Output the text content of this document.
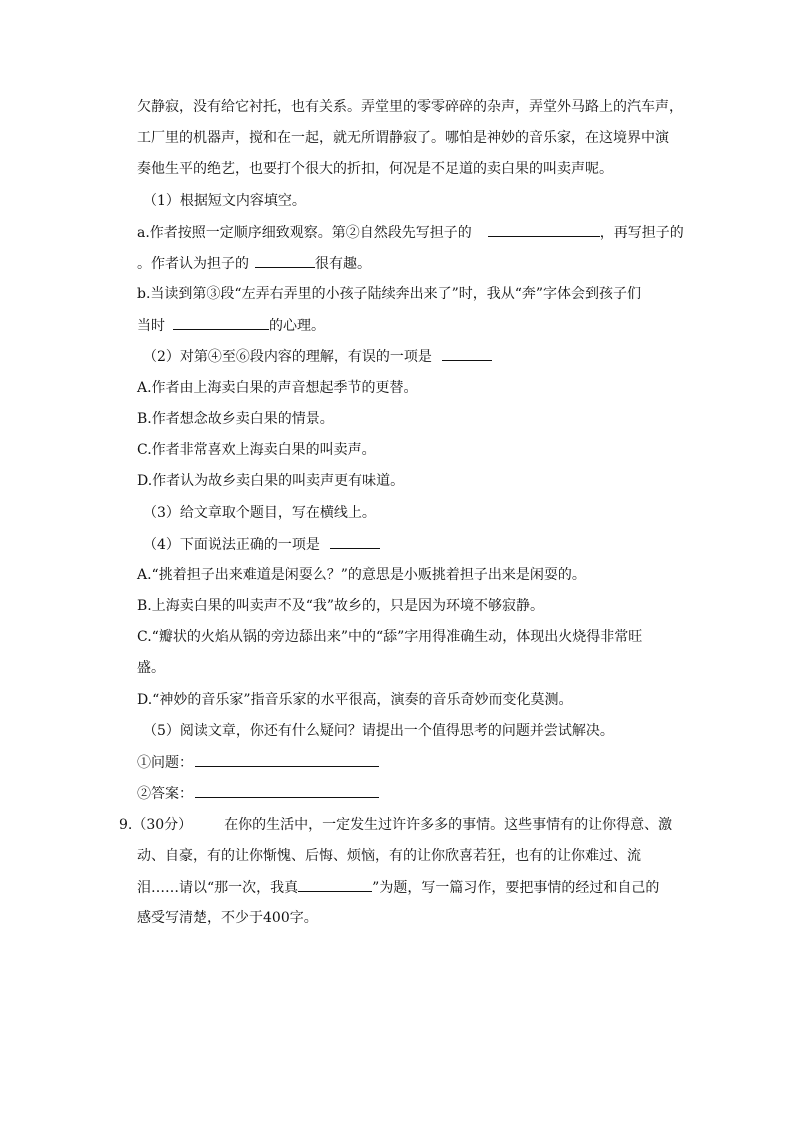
欠静寂，没有给它衬托，也有关系。弄堂里的零零碎碎的杂声，弄堂外马路上的汽车声，
工厂里的机器声，搅和在一起，就无所谓静寂了。哪怕是神妙的音乐家，在这境界中演
奏他生平的绝艺，也要打个很大的折扣，何况是不足道的卖白果的叫卖声呢。
（1）根据短文内容填空。
a.作者按照一定顺序细致观察。第②自然段先写担子的	，再写担子的
。作者认为担子的	很有趣。
b.当读到第③段“左弄右弄里的小孩子陆续奔出来了”时，我从“奔”字体会到孩子们
当时	的心理。
（2）对第④至⑥段内容的理解，有误的一项是
A.作者由上海卖白果的声音想起季节的更替。
B.作者想念故乡卖白果的情景。
C.作者非常喜欢上海卖白果的叫卖声。
D.作者认为故乡卖白果的叫卖声更有味道。
（3）给文章取个题目，写在横线上。
（4）下面说法正确的一项是
A.“挑着担子出来难道是闲耍么？”的意思是小贩挑着担子出来是闲耍的。
B.上海卖白果的叫卖声不及“我”故乡的，只是因为环境不够寂静。
C.“瓣状的火焰从锅的旁边舔出来”中的“舔”字用得准确生动，体现出火烧得非常旺
盛。
D.“神妙的音乐家”指音乐家的水平很高，演奏的音乐奇妙而变化莫测。
（5）阅读文章，你还有什么疑问？请提出一个值得思考的问题并尝试解决。
①问题：
②答案：
9.（30分） 在你的生活中，一定发生过许许多多的事情。这些事情有的让你得意、激
动、自豪，有的让你惭愧、后悔、烦恼，有的让你欣喜若狂，也有的让你难过、流
泪……请以“那一次，我真	”为题，写一篇习作，要把事情的经过和自己的
感受写清楚，不少于400字。
